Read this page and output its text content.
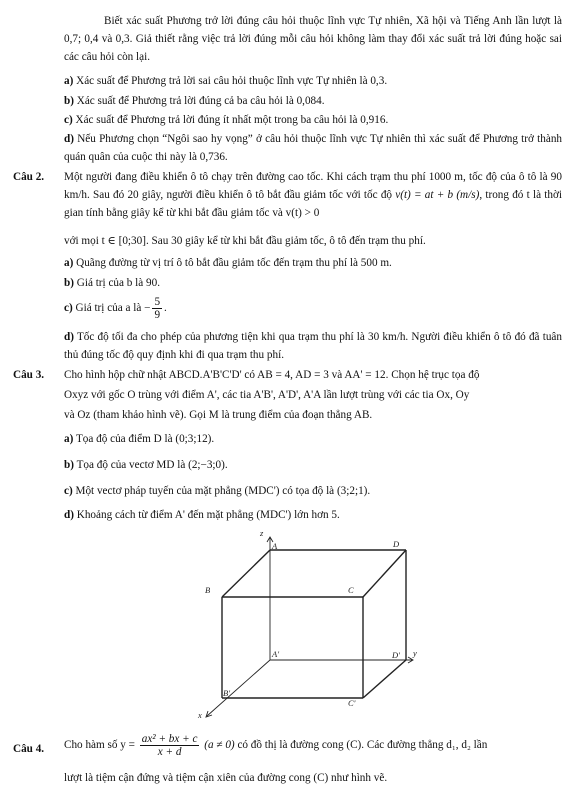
Biết xác suất Phương trở lời đúng câu hỏi thuộc lĩnh vực Tự nhiên, Xã hội và Tiếng Anh lần lượt là 0,7; 0,4 và 0,3. Giả thiết rằng việc trả lời đúng mỗi câu hỏi không làm thay đổi xác suất trả lời đúng hoặc sai các câu hỏi còn lại.
a) Xác suất để Phương trả lời sai câu hỏi thuộc lĩnh vực Tự nhiên là 0,3.
b) Xác suất để Phương trả lời đúng cả ba câu hỏi là 0,084.
c) Xác suất để Phương trả lời đúng ít nhất một trong ba câu hỏi là 0,916.
d) Nếu Phương chọn “Ngôi sao hy vọng” ở câu hỏi thuộc lĩnh vực Tự nhiên thì xác suất để Phương trở thành quán quân của cuộc thi này là 0,736.
Câu 2. Một người đang điều khiển ô tô chạy trên đường cao tốc. Khi cách trạm thu phí 1000 m, tốc độ của ô tô là 90 km/h. Sau đó 20 giây, người điều khiển ô tô bắt đầu giảm tốc với tốc độ v(t) = at + b (m/s), trong đó t là thời gian tính bằng giây kể từ khi bắt đầu giảm tốc và v(t) > 0
với mọi t ∈ [0;30]. Sau 30 giây kể từ khi bắt đầu giảm tốc, ô tô đến trạm thu phí.
a) Quãng đường từ vị trí ô tô bắt đầu giảm tốc đến trạm thu phí là 500 m.
b) Giá trị của b là 90.
c) Giá trị của a là − $\frac{5}{9}$ .
d) Tốc độ tối đa cho phép của phương tiện khi qua trạm thu phí là 30 km/h. Người điều khiển ô tô đó đã tuân thủ đúng tốc độ quy định khi đi qua trạm thu phí.
Câu 3. Cho hình hộp chữ nhật ABCD.A'B'C'D' có AB = 4, AD = 3 và AA' = 12. Chọn hệ trục tọa độ
Oxyz với gốc O trùng với điểm A', các tia A'B', A'D', A'A lần lượt trùng với các tia Ox, Oy
và Oz (tham khảo hình vẽ). Gọi M là trung điểm của đoạn thẳng AB.
a) Tọa độ của điểm D là (0;3;12).
b) Tọa độ của vectơ MD là (2;−3;0).
c) Một vectơ pháp tuyến của mặt phẳng (MDC') có tọa độ là (3;2;1).
d) Khoảng cách từ điểm A' đến mặt phẳng (MDC') lớn hơn 5.
z
A	D
B	C
A'	D' y
B'
C'
x
Câu 4. Cho hàm số $y = \frac{\text{ax² + bx + c}}{x + d} (a \ne 0)$ có đồ thị là đường cong (C). Các đường thẳng d₁, d₂ lần
lượt là tiệm cận đứng và tiệm cận xiên của đường cong (C) như hình vẽ.
